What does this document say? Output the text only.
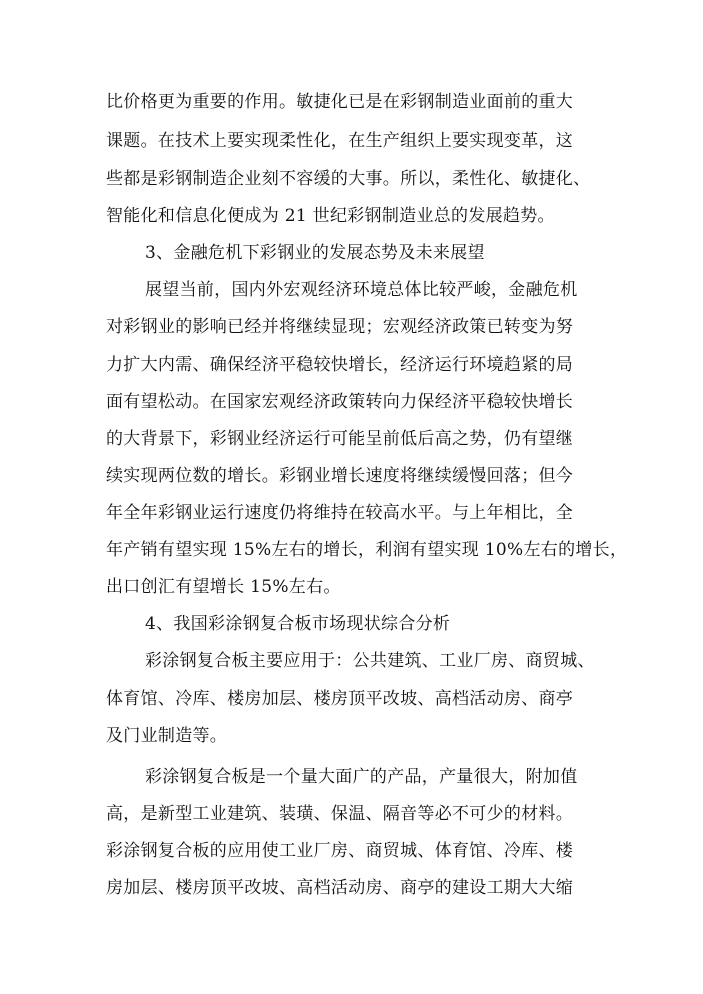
比价格更为重要的作用。敏捷化已是在彩钢制造业面前的重大
课题。在技术上要实现柔性化，在生产组织上要实现变革，这
些都是彩钢制造企业刻不容缓的大事。所以，柔性化、敏捷化、
智能化和信息化便成为 21 世纪彩钢制造业总的发展趋势。
3、金融危机下彩钢业的发展态势及未来展望
展望当前，国内外宏观经济环境总体比较严峻，金融危机
对彩钢业的影响已经并将继续显现；宏观经济政策已转变为努
力扩大内需、确保经济平稳较快增长，经济运行环境趋紧的局
面有望松动。在国家宏观经济政策转向力保经济平稳较快增长
的大背景下，彩钢业经济运行可能呈前低后高之势，仍有望继
续实现两位数的增长。彩钢业增长速度将继续缓慢回落；但今
年全年彩钢业运行速度仍将维持在较高水平。与上年相比，全
年产销有望实现 15%左右的增长，利润有望实现 10%左右的增长，
出口创汇有望增长 15%左右。
4、我国彩涂钢复合板市场现状综合分析
彩涂钢复合板主要应用于：公共建筑、工业厂房、商贸城、
体育馆、冷库、楼房加层、楼房顶平改坡、高档活动房、商亭
及门业制造等。
彩涂钢复合板是一个量大面广的产品，产量很大，附加值
高，是新型工业建筑、装璜、保温、隔音等必不可少的材料。
彩涂钢复合板的应用使工业厂房、商贸城、体育馆、冷库、楼
房加层、楼房顶平改坡、高档活动房、商亭的建设工期大大缩
